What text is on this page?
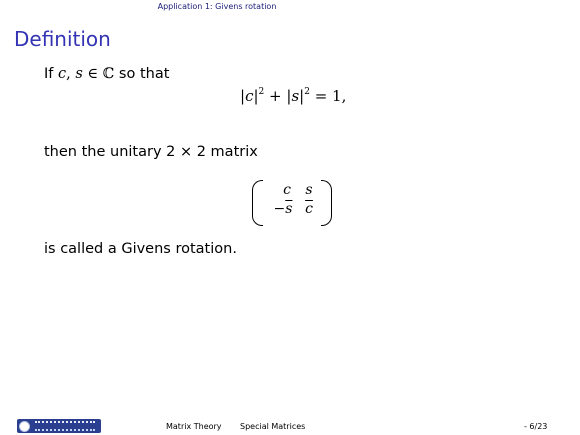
Application 1: Givens rotation
Definition
If c, s ∈ ℂ so that
$|c|^2 + |s|^2 = 1$,
then the unitary 2 × 2 matrix
c	s
$-\overline{s}$ $\overline{c}$
is called a Givens rotation.
Matrix Theory Special Matrices	- 6/23
